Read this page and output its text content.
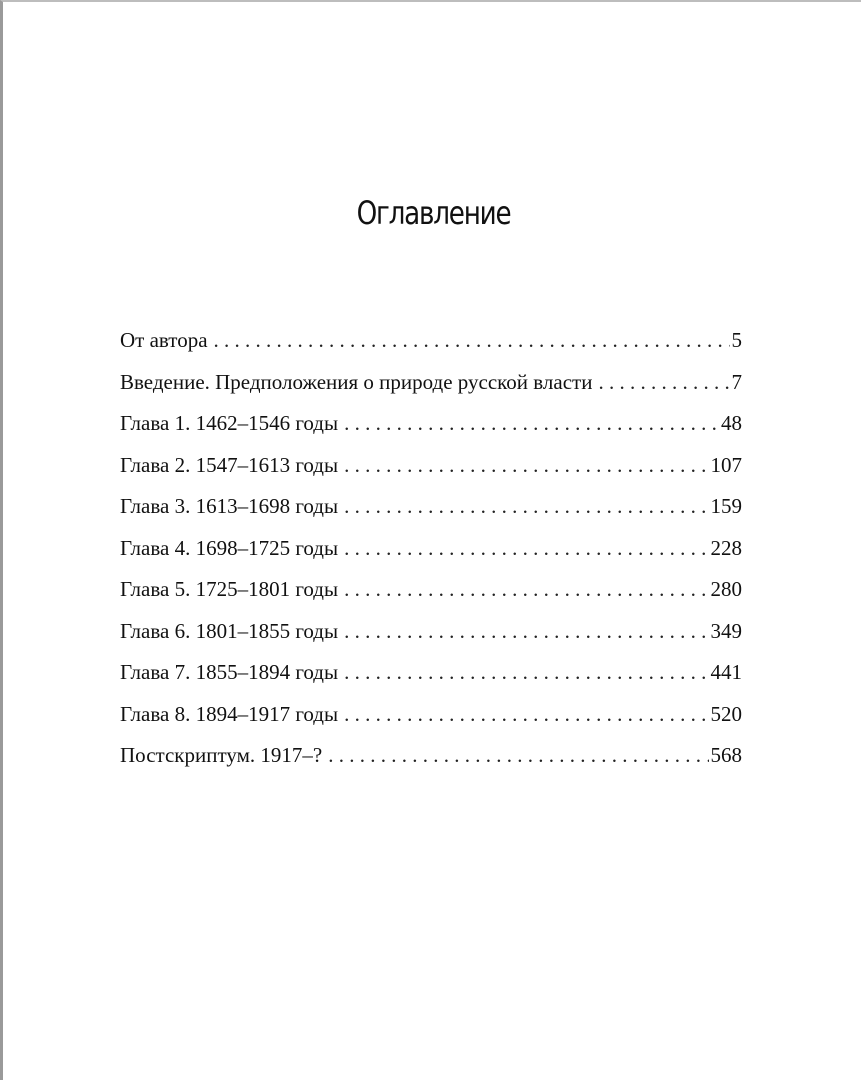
Оглавление
От автора . . .	5
Введение. Предположения о природе русской власти . . .	7
Глава 1. 1462–1546 годы . . .	48
Глава 2. 1547–1613 годы . . .	107
Глава 3. 1613–1698 годы . . .	159
Глава 4. 1698–1725 годы . . .	228
Глава 5. 1725–1801 годы . . .	280
Глава 6. 1801–1855 годы . . .	349
Глава 7. 1855–1894 годы . . .	441
Глава 8. 1894–1917 годы . . .	520
Постскриптум. 1917–? . . .	568
